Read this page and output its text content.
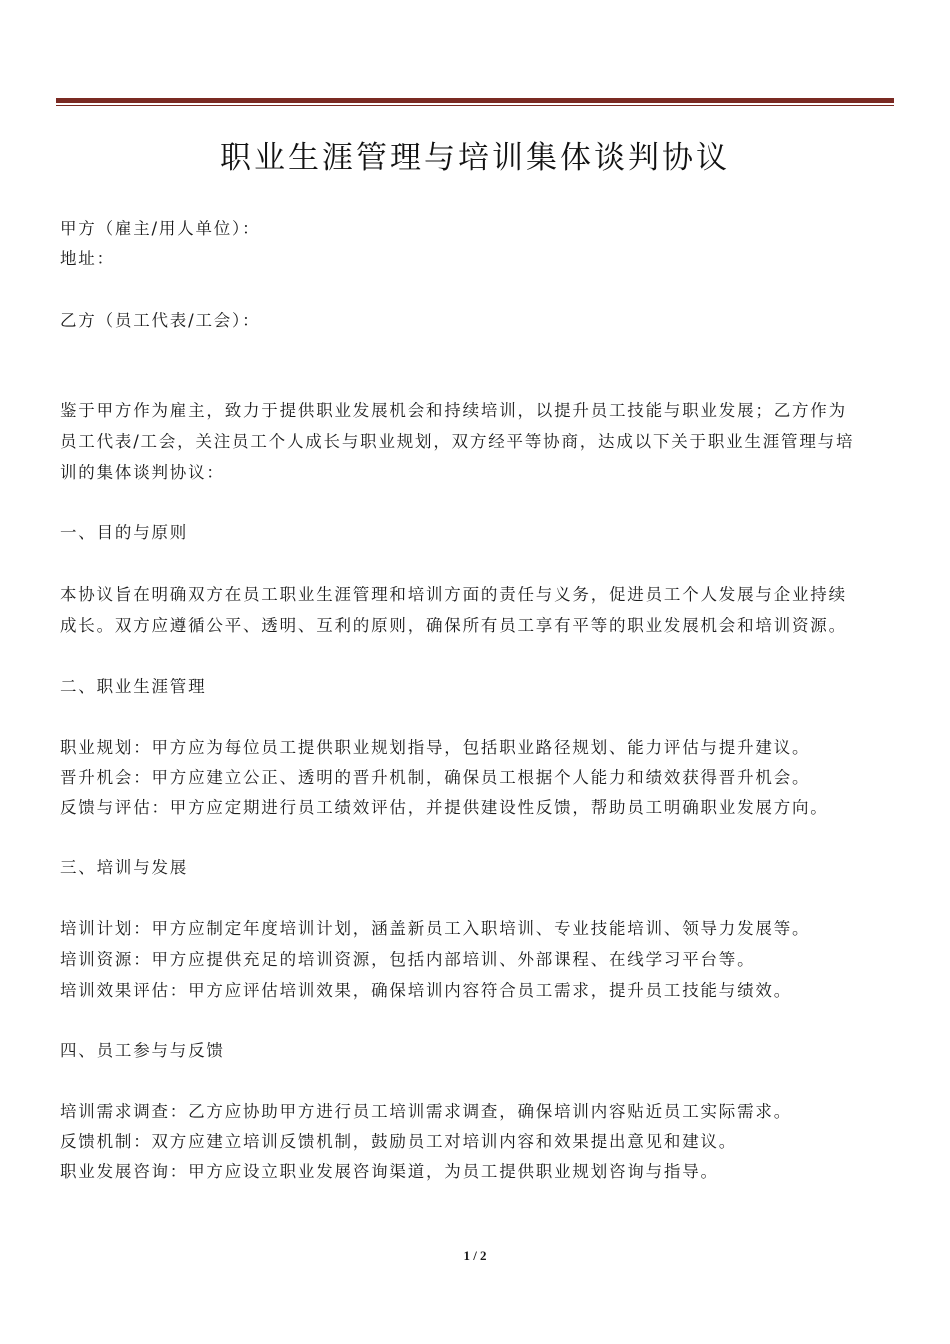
职业生涯管理与培训集体谈判协议
甲方（雇主/用人单位）：
地址：
乙方（员工代表/工会）：
鉴于甲方作为雇主，致力于提供职业发展机会和持续培训，以提升员工技能与职业发展；乙方作为
员工代表/工会，关注员工个人成长与职业规划，双方经平等协商，达成以下关于职业生涯管理与培
训的集体谈判协议：
一、目的与原则
本协议旨在明确双方在员工职业生涯管理和培训方面的责任与义务，促进员工个人发展与企业持续
成长。双方应遵循公平、透明、互利的原则，确保所有员工享有平等的职业发展机会和培训资源。
二、职业生涯管理
职业规划：甲方应为每位员工提供职业规划指导，包括职业路径规划、能力评估与提升建议。
晋升机会：甲方应建立公正、透明的晋升机制，确保员工根据个人能力和绩效获得晋升机会。
反馈与评估：甲方应定期进行员工绩效评估，并提供建设性反馈，帮助员工明确职业发展方向。
三、培训与发展
培训计划：甲方应制定年度培训计划，涵盖新员工入职培训、专业技能培训、领导力发展等。
培训资源：甲方应提供充足的培训资源，包括内部培训、外部课程、在线学习平台等。
培训效果评估：甲方应评估培训效果，确保培训内容符合员工需求，提升员工技能与绩效。
四、员工参与与反馈
培训需求调查：乙方应协助甲方进行员工培训需求调查，确保培训内容贴近员工实际需求。
反馈机制：双方应建立培训反馈机制，鼓励员工对培训内容和效果提出意见和建议。
职业发展咨询：甲方应设立职业发展咨询渠道，为员工提供职业规划咨询与指导。
1 / 2
